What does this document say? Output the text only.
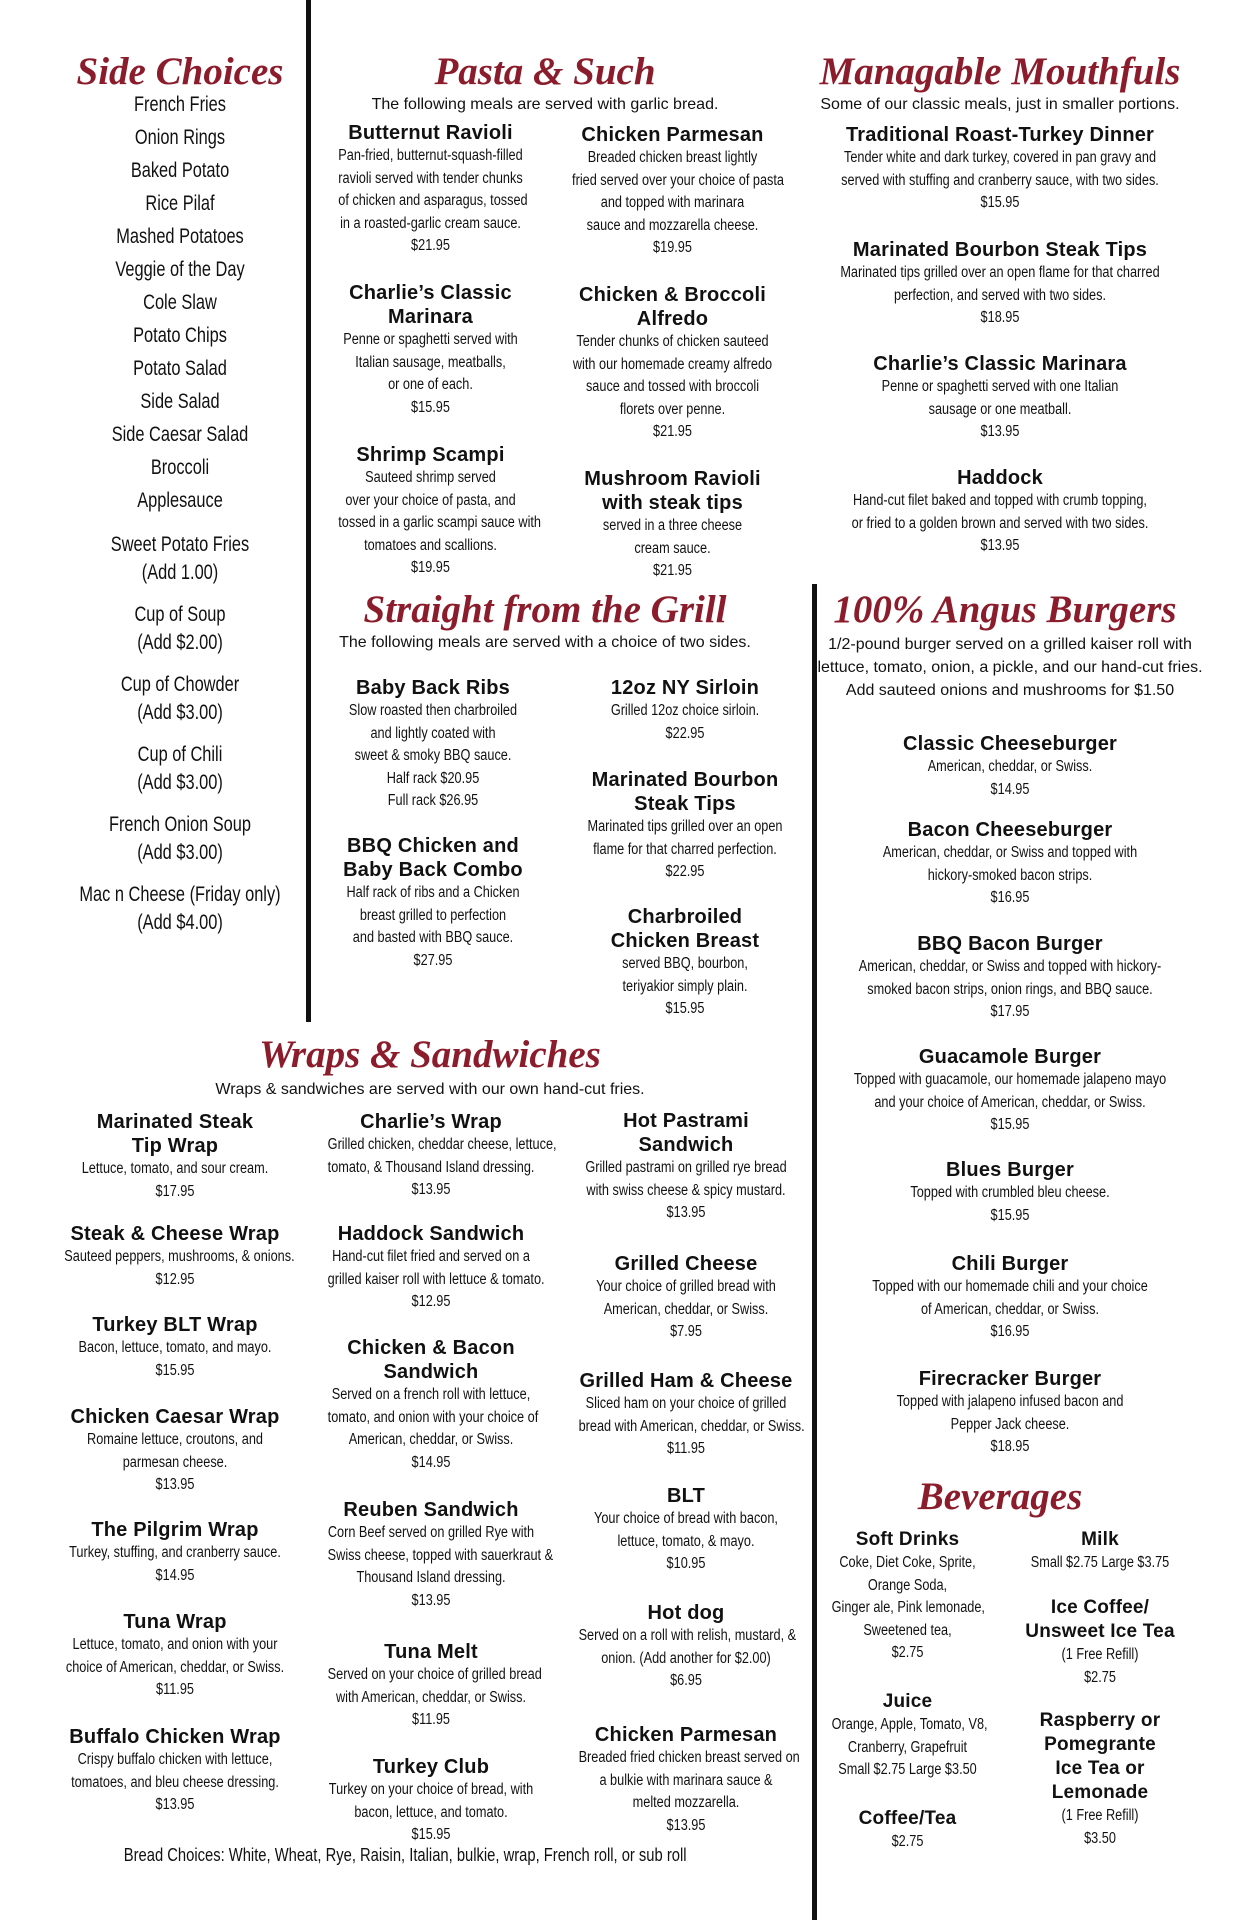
Side Choices
French Fries
Onion Rings
Baked Potato
Rice Pilaf
Mashed Potatoes
Veggie of the Day
Cole Slaw
Potato Chips
Potato Salad
Side Salad
Side Caesar Salad
Broccoli
Applesauce
Sweet Potato Fries
(Add 1.00)
Cup of Soup
(Add $2.00)
Cup of Chowder
(Add $3.00)
Cup of Chili
(Add $3.00)
French Onion Soup
(Add $3.00)
Mac n Cheese (Friday only)
(Add $4.00)
Pasta & Such
The following meals are served with garlic bread.
Managable Mouthfuls
Some of our classic meals, just in smaller portions.
Straight from the Grill
The following meals are served with a choice of two sides.
100% Angus Burgers
1/2-pound burger served on a grilled kaiser roll with
lettuce, tomato, onion, a pickle, and our hand-cut fries.
Add sauteed onions and mushrooms for $1.50
Wraps & Sandwiches
Wraps & sandwiches are served with our own hand-cut fries.
Beverages
Bread Choices: White, Wheat, Rye, Raisin, Italian, bulkie, wrap, French roll, or sub roll
Butternut Ravioli
Pan-fried, butternut-squash-filled
ravioli served with tender chunks
of chicken and asparagus, tossed
in a roasted-garlic cream sauce.
$21.95
Chicken Parmesan
Breaded chicken breast lightly
fried served over your choice of pasta
and topped with marinara
sauce and mozzarella cheese.
$19.95
Charlie’s Classic
Marinara
Penne or spaghetti served with
Italian sausage, meatballs,
or one of each.
$15.95
Chicken & Broccoli
Alfredo
Tender chunks of chicken sauteed
with our homemade creamy alfredo
sauce and tossed with broccoli
florets over penne.
$21.95
Shrimp Scampi
Sauteed shrimp served
over your choice of pasta, and
tossed in a garlic scampi sauce with
tomatoes and scallions.
$19.95
Mushroom Ravioli
with steak tips
served in a three cheese
cream sauce.
$21.95
Traditional Roast-Turkey Dinner
Tender white and dark turkey, covered in pan gravy and
served with stuffing and cranberry sauce, with two sides.
$15.95
Marinated Bourbon Steak Tips
Marinated tips grilled over an open flame for that charred
perfection, and served with two sides.
$18.95
Charlie’s Classic Marinara
Penne or spaghetti served with one Italian
sausage or one meatball.
$13.95
Haddock
Hand-cut filet baked and topped with crumb topping,
or fried to a golden brown and served with two sides.
$13.95
Baby Back Ribs
Slow roasted then charbroiled
and lightly coated with
sweet & smoky BBQ sauce.
Half rack $20.95
Full rack $26.95
12oz NY Sirloin
Grilled 12oz choice sirloin.
$22.95
BBQ Chicken and
Baby Back Combo
Half rack of ribs and a Chicken
breast grilled to perfection
and basted with BBQ sauce.
$27.95
Marinated Bourbon
Steak Tips
Marinated tips grilled over an open
flame for that charred perfection.
$22.95
Charbroiled
Chicken Breast
served BBQ, bourbon,
teriyakior simply plain.
$15.95
Classic Cheeseburger
American, cheddar, or Swiss.
$14.95
Bacon Cheeseburger
American, cheddar, or Swiss and topped with
hickory-smoked bacon strips.
$16.95
BBQ Bacon Burger
American, cheddar, or Swiss and topped with hickory-
smoked bacon strips, onion rings, and BBQ sauce.
$17.95
Guacamole Burger
Topped with guacamole, our homemade jalapeno mayo
and your choice of American, cheddar, or Swiss.
$15.95
Blues Burger
Topped with crumbled bleu cheese.
$15.95
Chili Burger
Topped with our homemade chili and your choice
of American, cheddar, or Swiss.
$16.95
Firecracker Burger
Topped with jalapeno infused bacon and
Pepper Jack cheese.
$18.95
Marinated Steak
Tip Wrap
Lettuce, tomato, and sour cream.
$17.95
Steak & Cheese Wrap
Sauteed peppers, mushrooms, & onions.
$12.95
Turkey BLT Wrap
Bacon, lettuce, tomato, and mayo.
$15.95
Chicken Caesar Wrap
Romaine lettuce, croutons, and
parmesan cheese.
$13.95
The Pilgrim Wrap
Turkey, stuffing, and cranberry sauce.
$14.95
Tuna Wrap
Lettuce, tomato, and onion with your
choice of American, cheddar, or Swiss.
$11.95
Buffalo Chicken Wrap
Crispy buffalo chicken with lettuce,
tomatoes, and bleu cheese dressing.
$13.95
Charlie’s Wrap
Grilled chicken, cheddar cheese, lettuce,
tomato, & Thousand Island dressing.
$13.95
Haddock Sandwich
Hand-cut filet fried and served on a
grilled kaiser roll with lettuce & tomato.
$12.95
Chicken & Bacon
Sandwich
Served on a french roll with lettuce,
tomato, and onion with your choice of
American, cheddar, or Swiss.
$14.95
Reuben Sandwich
Corn Beef served on grilled Rye with
Swiss cheese, topped with sauerkraut &
Thousand Island dressing.
$13.95
Tuna Melt
Served on your choice of grilled bread
with American, cheddar, or Swiss.
$11.95
Turkey Club
Turkey on your choice of bread, with
bacon, lettuce, and tomato.
$15.95
Hot Pastrami
Sandwich
Grilled pastrami on grilled rye bread
with swiss cheese & spicy mustard.
$13.95
Grilled Cheese
Your choice of grilled bread with
American, cheddar, or Swiss.
$7.95
Grilled Ham & Cheese
Sliced ham on your choice of grilled
bread with American, cheddar, or Swiss.
$11.95
BLT
Your choice of bread with bacon,
lettuce, tomato, & mayo.
$10.95
Hot dog
Served on a roll with relish, mustard, &
onion. (Add another for $2.00)
$6.95
Chicken Parmesan
Breaded fried chicken breast served on
a bulkie with marinara sauce &
melted mozzarella.
$13.95
Soft Drinks
Coke, Diet Coke, Sprite,
Orange Soda,
Ginger ale, Pink lemonade,
Sweetened tea,
$2.75
Juice
Orange, Apple, Tomato, V8,
Cranberry, Grapefruit
Small $2.75 Large $3.50
Coffee/Tea
$2.75
Milk
Small $2.75 Large $3.75
Ice Coffee/
Unsweet Ice Tea
(1 Free Refill)
$2.75
Raspberry or
Pomegrante
Ice Tea or
Lemonade
(1 Free Refill)
$3.50
